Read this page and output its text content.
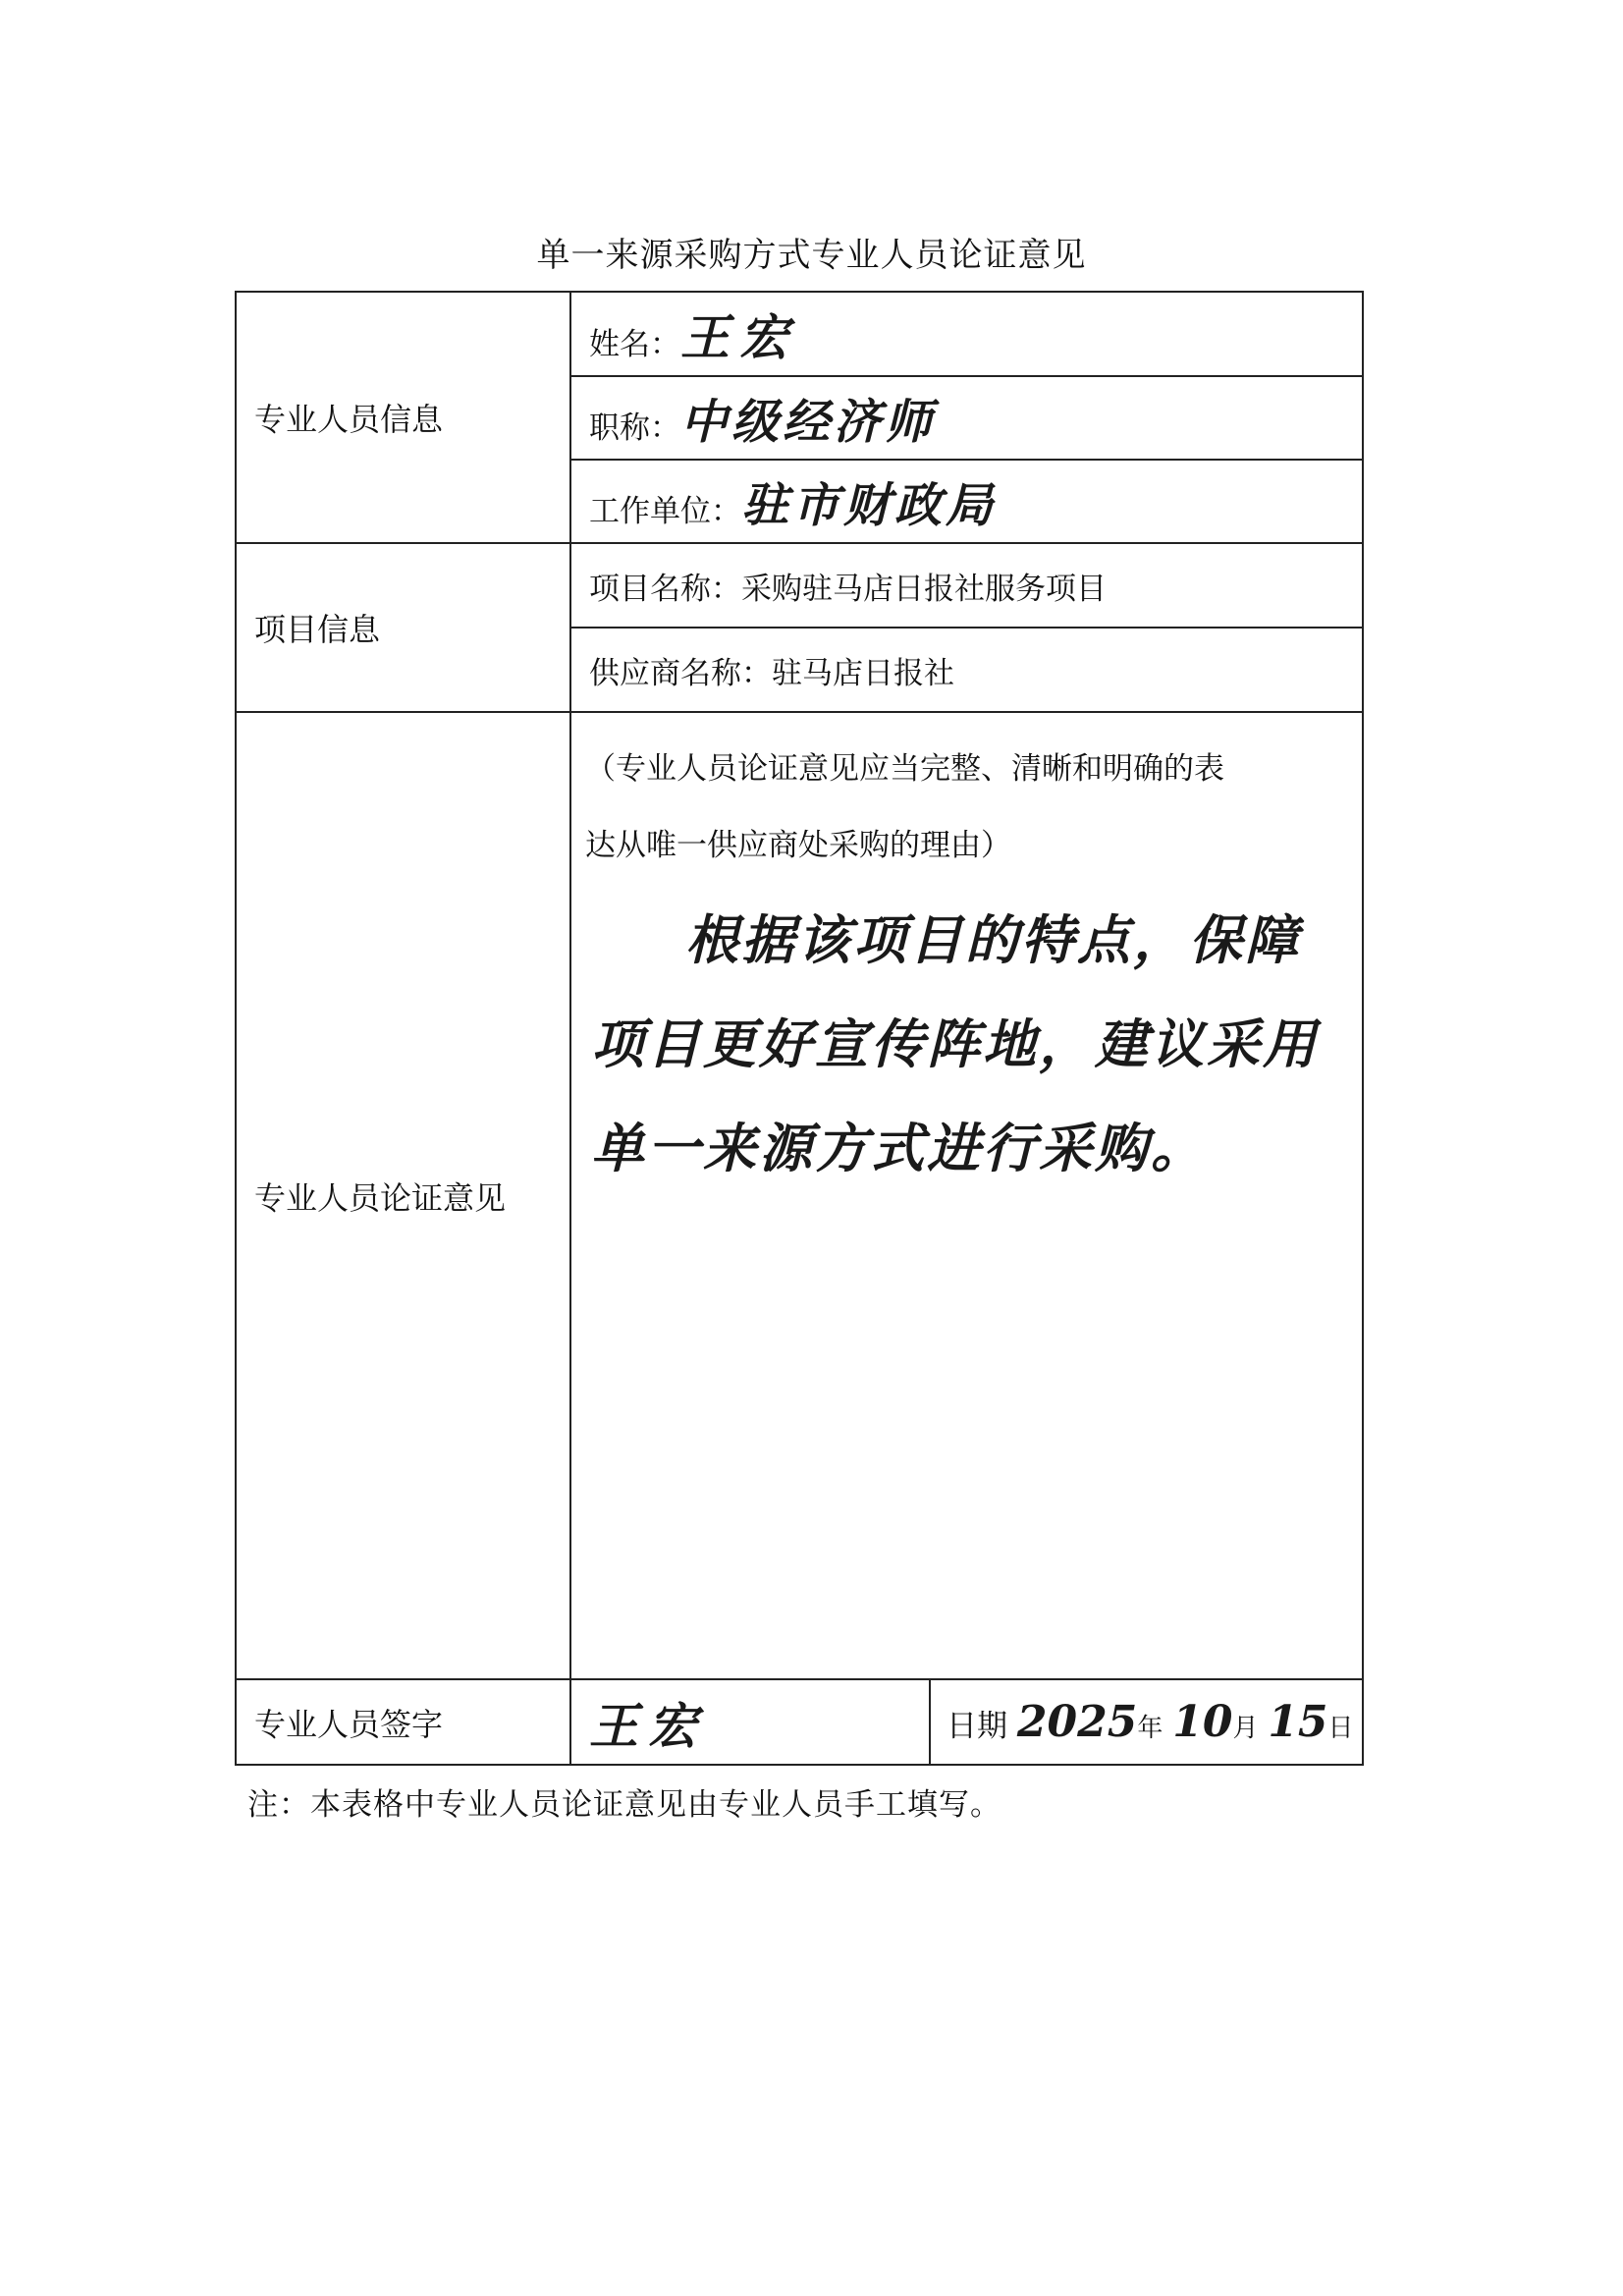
单一来源采购方式专业人员论证意见
专业人员信息	姓名：王宏	
	职称：中级经济师	
	工作单位：驻市财政局	
项目信息	项目名称：采购驻马店日报社服务项目	
	供应商名称：驻马店日报社	
专业人员论证意见	（专业人员论证意见应当完整、清晰和明确的表
达从唯一供应商处采购的理由）
根据该项目的特点，保障
项目更好宣传阵地，建议采用
单一来源方式进行采购。	

专业人员签字	王宏	日期 2025年 10月 15日
注：本表格中专业人员论证意见由专业人员手工填写。
